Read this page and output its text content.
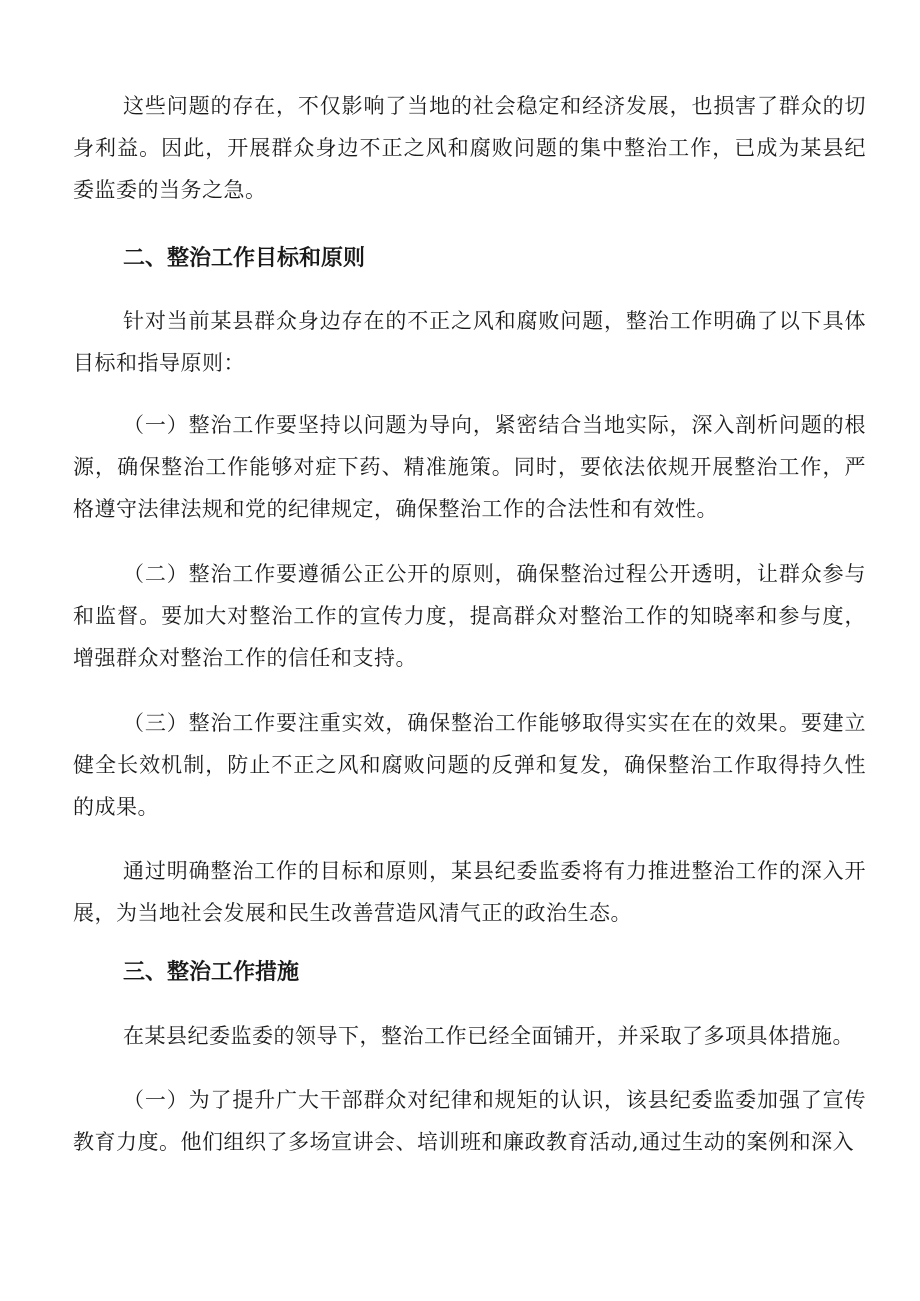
这些问题的存在，不仅影响了当地的社会稳定和经济发展，也损害了群众的切身利益。因此，开展群众身边不正之风和腐败问题的集中整治工作，已成为某县纪委监委的当务之急。

二、整治工作目标和原则

针对当前某县群众身边存在的不正之风和腐败问题，整治工作明确了以下具体目标和指导原则：

（一）整治工作要坚持以问题为导向，紧密结合当地实际，深入剖析问题的根源，确保整治工作能够对症下药、精准施策。同时，要依法依规开展整治工作，严格遵守法律法规和党的纪律规定，确保整治工作的合法性和有效性。

（二）整治工作要遵循公正公开的原则，确保整治过程公开透明，让群众参与和监督。要加大对整治工作的宣传力度，提高群众对整治工作的知晓率和参与度，增强群众对整治工作的信任和支持。

（三）整治工作要注重实效，确保整治工作能够取得实实在在的效果。要建立健全长效机制，防止不正之风和腐败问题的反弹和复发，确保整治工作取得持久性的成果。

通过明确整治工作的目标和原则，某县纪委监委将有力推进整治工作的深入开展，为当地社会发展和民生改善营造风清气正的政治生态。

三、整治工作措施

在某县纪委监委的领导下，整治工作已经全面铺开，并采取了多项具体措施。

（一）为了提升广大干部群众对纪律和规矩的认识，该县纪委监委加强了宣传教育力度。他们组织了多场宣讲会、培训班和廉政教育活动,通过生动的案例和深入
